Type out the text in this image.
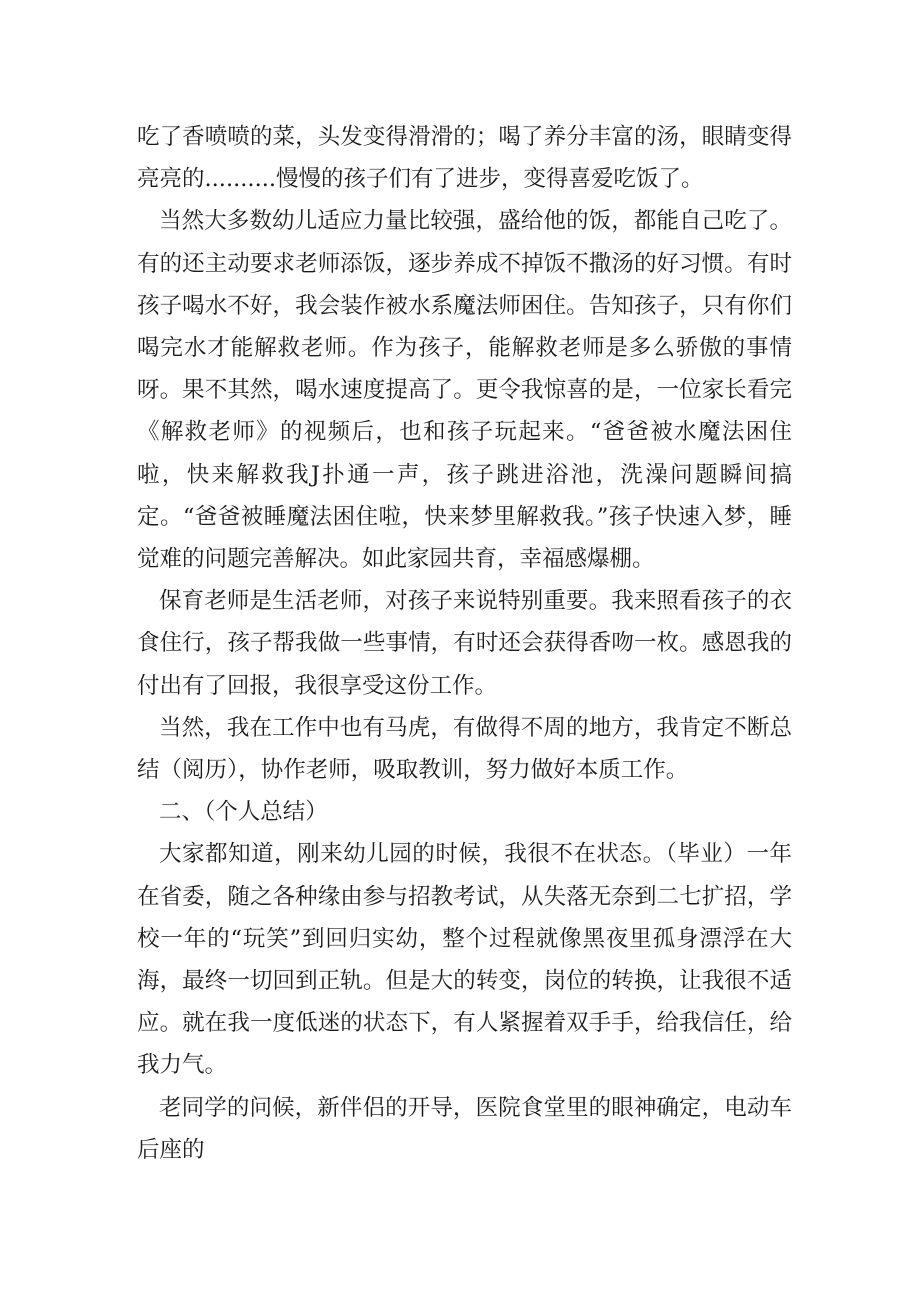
吃了香喷喷的菜，头发变得滑滑的；喝了养分丰富的汤，眼睛变得亮亮的..........慢慢的孩子们有了进步，变得喜爱吃饭了。

当然大多数幼儿适应力量比较强，盛给他的饭，都能自己吃了。有的还主动要求老师添饭，逐步养成不掉饭不撒汤的好习惯。有时孩子喝水不好，我会装作被水系魔法师困住。告知孩子，只有你们喝完水才能解救老师。作为孩子，能解救老师是多么骄傲的事情呀。果不其然，喝水速度提高了。更令我惊喜的是，一位家长看完《解救老师》的视频后，也和孩子玩起来。“爸爸被水魔法困住啦，快来解救我J扑通一声，孩子跳进浴池，洗澡问题瞬间搞定。“爸爸被睡魔法困住啦，快来梦里解救我。”孩子快速入梦，睡觉难的问题完善解决。如此家园共育，幸福感爆棚。

保育老师是生活老师，对孩子来说特别重要。我来照看孩子的衣食住行，孩子帮我做一些事情，有时还会获得香吻一枚。感恩我的付出有了回报，我很享受这份工作。

当然，我在工作中也有马虎，有做得不周的地方，我肯定不断总结（阅历），协作老师，吸取教训，努力做好本质工作。

二、（个人总结）

大家都知道，刚来幼儿园的时候，我很不在状态。（毕业）一年在省委，随之各种缘由参与招教考试，从失落无奈到二七扩招，学校一年的“玩笑”到回归实幼，整个过程就像黑夜里孤身漂浮在大海，最终一切回到正轨。但是大的转变，岗位的转换，让我很不适应。就在我一度低迷的状态下，有人紧握着双手手，给我信任，给我力气。

老同学的问候，新伴侣的开导，医院食堂里的眼神确定，电动车后座的
